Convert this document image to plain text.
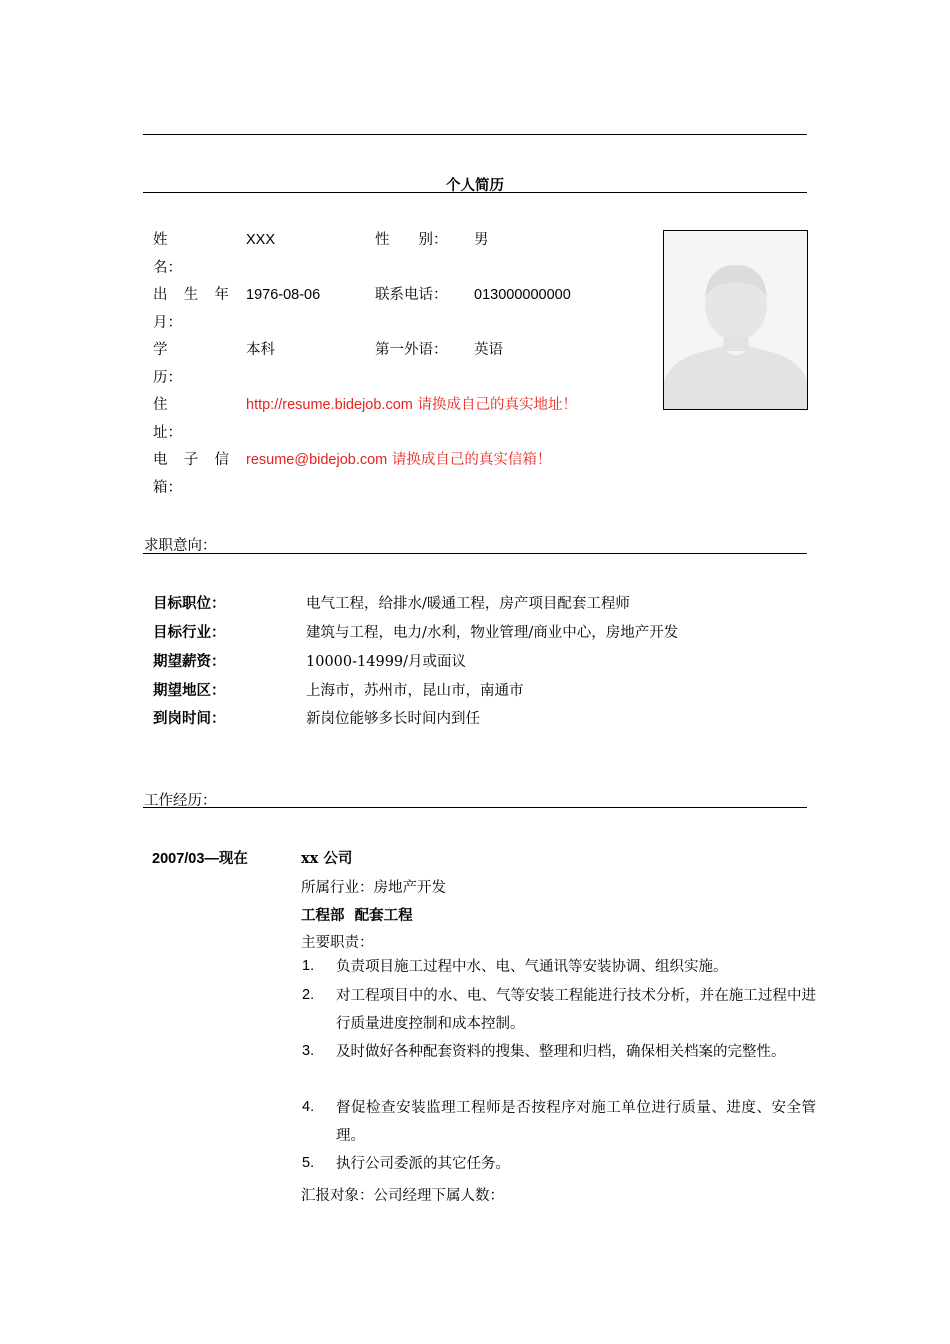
个人简历
姓
名：
XXX	性　　别： 男
出 生 年
月：
1976-08-06	联系电话： 013000000000
学
历：
本科	第一外语： 英语
住
址：
http://resume.bidejob.com 请换成自己的真实地址！
电 子 信
箱：
resume@bidejob.com 请换成自己的真实信箱！
求职意向：
目标职位：	电气工程，给排水/暖通工程，房产项目配套工程师
目标行业：	建筑与工程，电力/水利，物业管理/商业中心，房地产开发
期望薪资：	10000-14999/月或面议
期望地区：	上海市，苏州市，昆山市，南通市
到岗时间：	新岗位能够多长时间内到任
工作经历：
2007/03—现在	xx 公司
所属行业：房地产开发
工程部  配套工程
主要职责：
1. 负责项目施工过程中水、电、气通讯等安装协调、组织实施。
2. 对工程项目中的水、电、气等安装工程能进行技术分析，并在施工过程中进行质量进度控制和成本控制。
3. 及时做好各种配套资料的搜集、整理和归档，确保相关档案的完整性。
4. 督促检查安装监理工程师是否按程序对施工单位进行质量、进度、安全管理。
5. 执行公司委派的其它任务。
汇报对象：公司经理下属人数：
